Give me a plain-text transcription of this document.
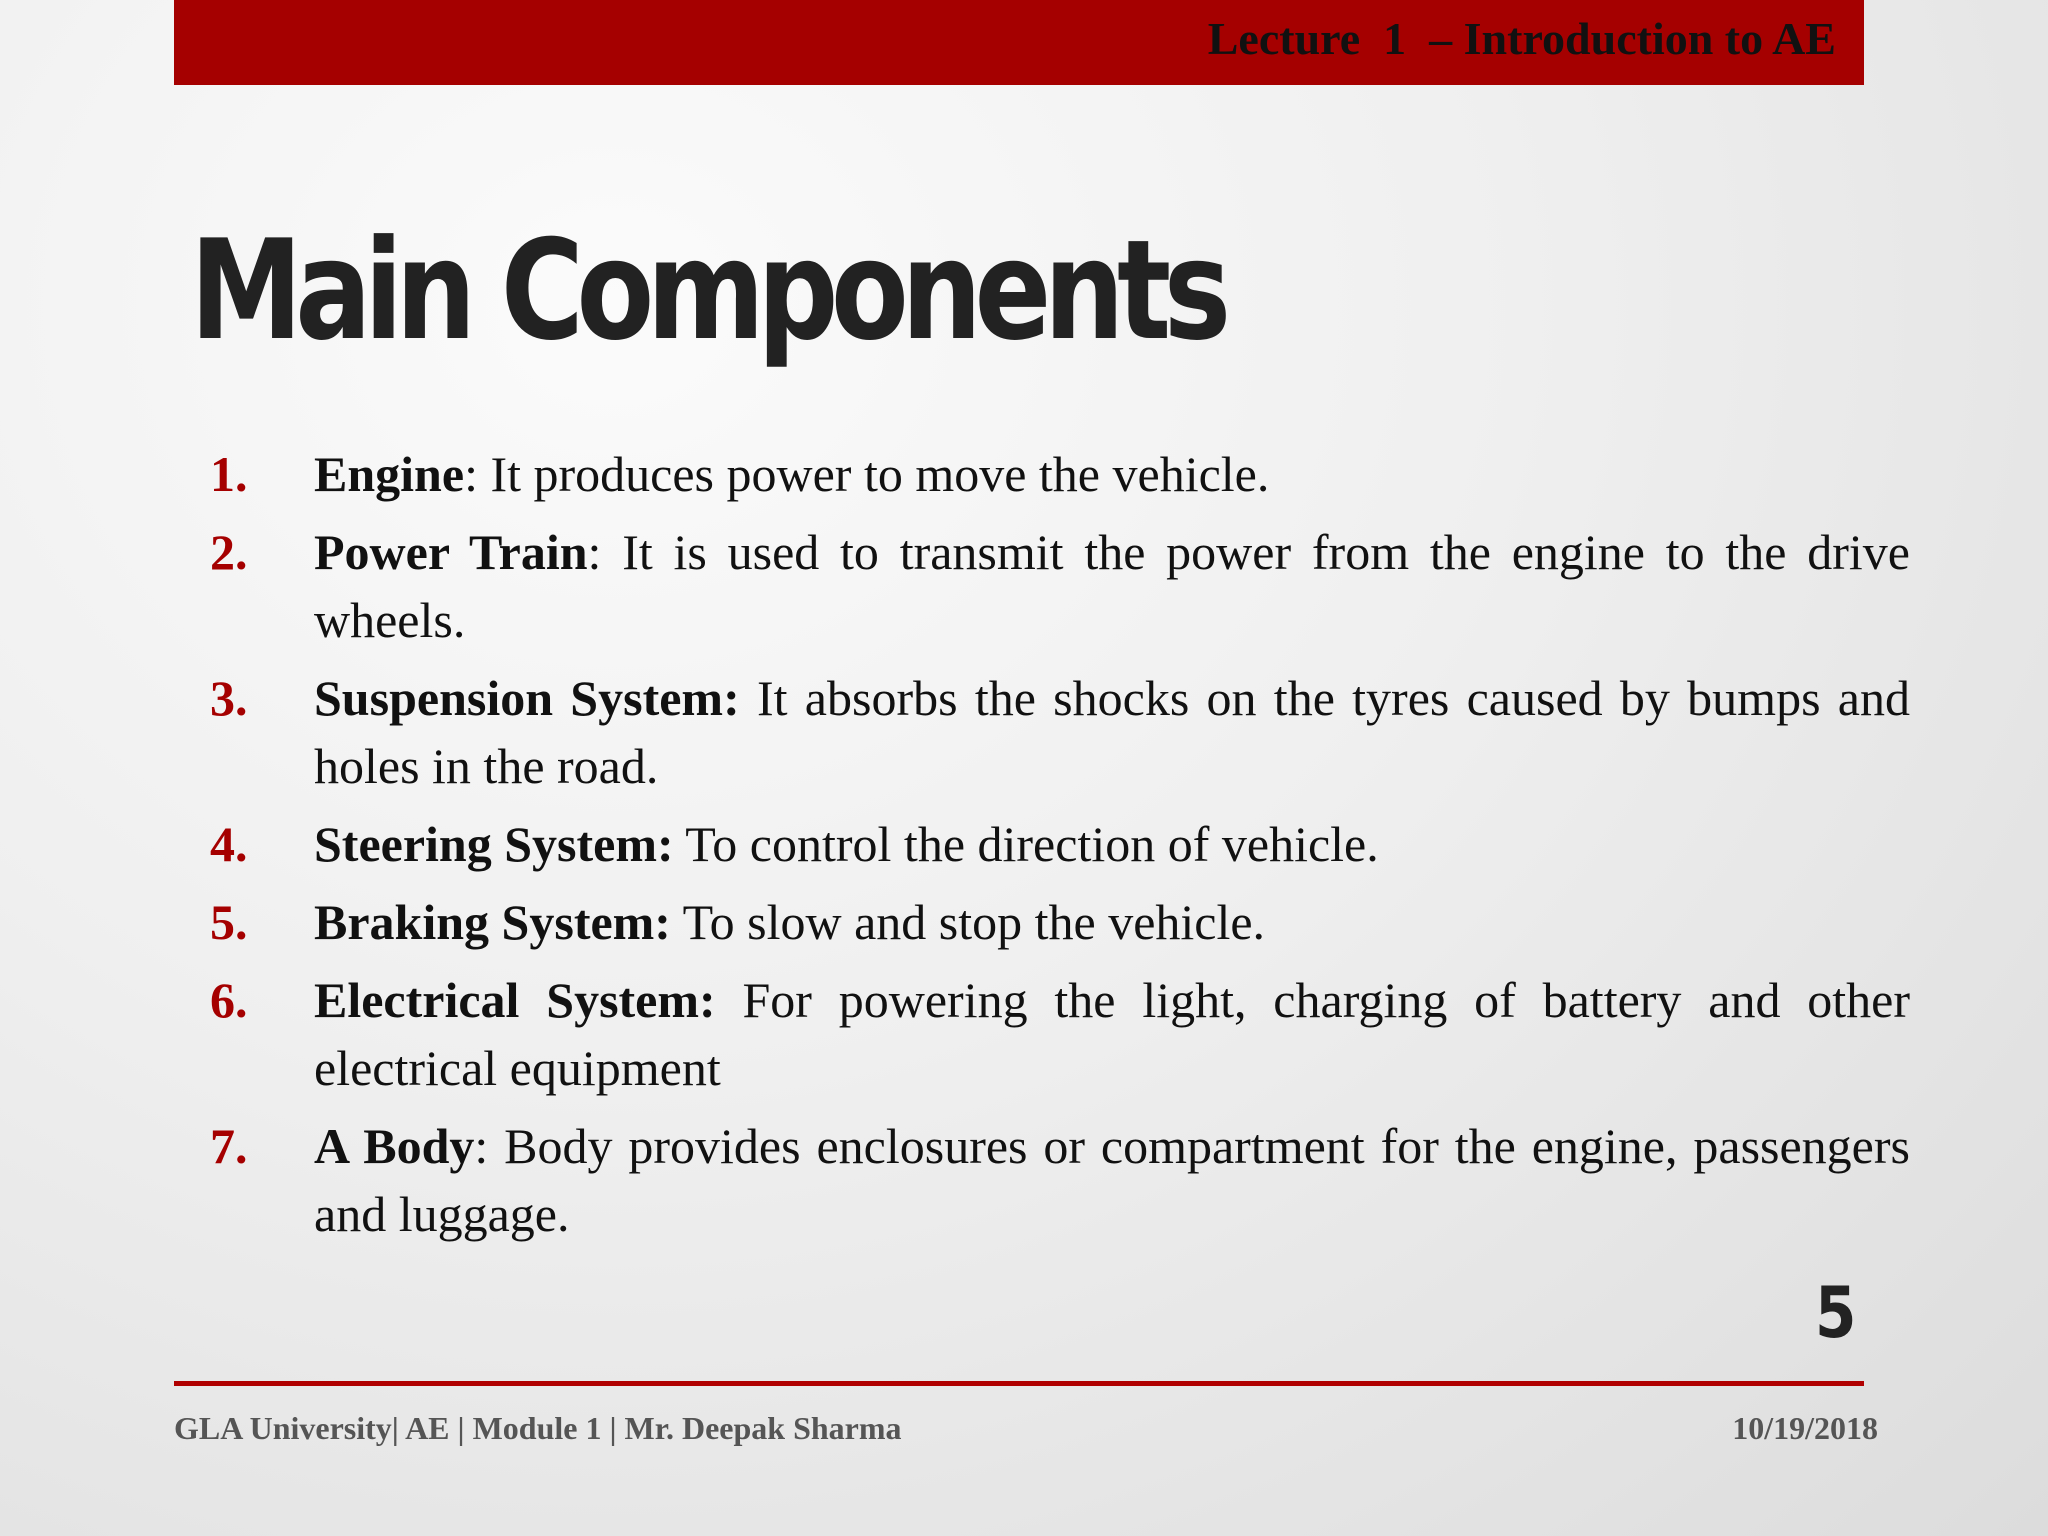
Lecture  1  – Introduction to AE
Main Components
1.	Engine: It produces power to move the vehicle.
2.	Power Train: It is used to transmit the power from the engine to the drive wheels.
3.	Suspension System: It absorbs the shocks on the tyres caused by bumps and holes in the road.
4.	Steering System: To control the direction of vehicle.
5.	Braking System: To slow and stop the vehicle.
6.	Electrical System: For powering the light, charging of battery and other electrical equipment
7.	A Body: Body provides enclosures or compartment for the engine, passengers and luggage.
5
GLA University| AE | Module 1 | Mr. Deepak Sharma	10/19/2018
